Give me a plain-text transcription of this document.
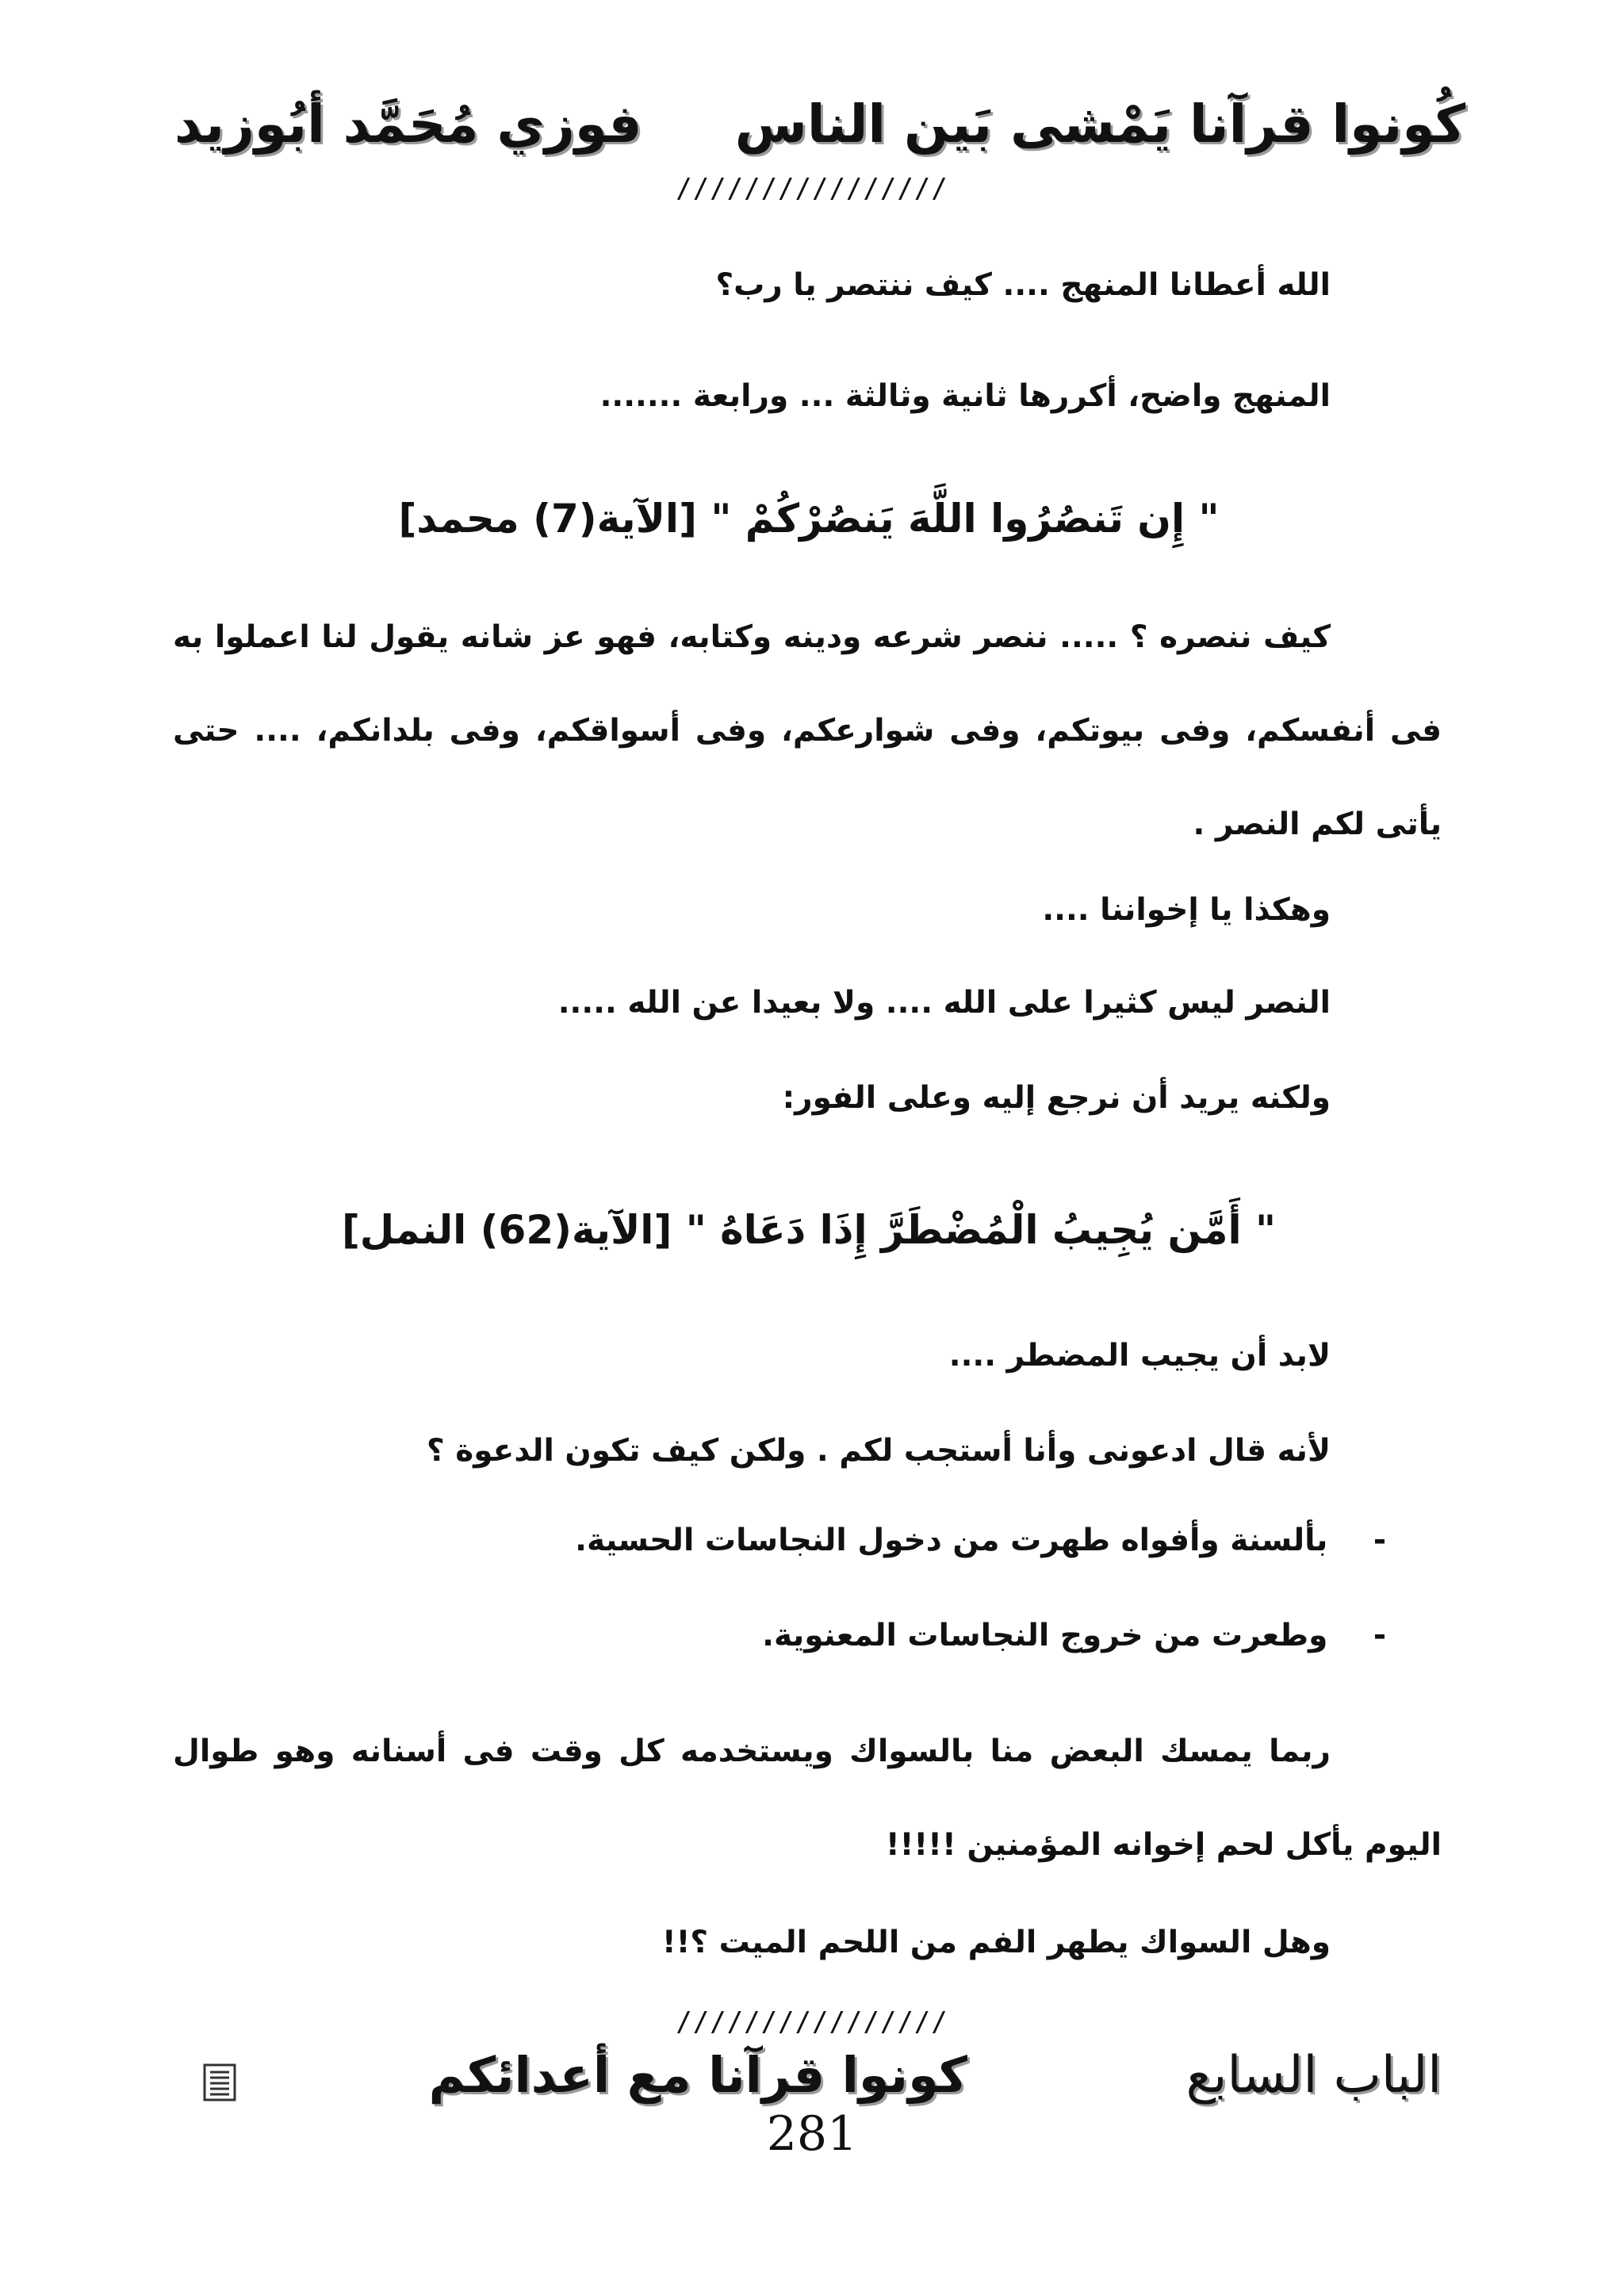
كُونوا قرآنا يَمْشى بَين الناس
فوزي مُحَمَّد أبُوزيد
////////////////
الله أعطانا المنهج .... كيف ننتصر يا رب؟
المنهج واضح، أكررها ثانية وثالثة ... ورابعة .......
" إِن تَنصُرُوا اللَّهَ يَنصُرْكُمْ " [الآية(7) محمد]
كيف ننصره ؟ ..... ننصر شرعه ودينه وكتابه، فهو عز شانه يقول لنا اعملوا به فى أنفسكم، وفى بيوتكم، وفى شوارعكم، وفى أسواقكم، وفى بلدانكم، .... حتى يأتى لكم النصر .
وهكذا يا إخواننا ....
النصر ليس كثيرا على الله .... ولا بعيدا عن الله .....
ولكنه يريد أن نرجع إليه وعلى الفور:
" أَمَّن يُجِيبُ الْمُضْطَرَّ إِذَا دَعَاهُ " [الآية(62) النمل]
لابد أن يجيب المضطر ....
لأنه قال ادعونى وأنا أستجب لكم . ولكن كيف تكون الدعوة ؟
- بألسنة وأفواه طهرت من دخول النجاسات الحسية.
- وطعرت من خروج النجاسات المعنوية.
ربما يمسك البعض منا بالسواك ويستخدمه كل وقت فى أسنانه وهو طوال اليوم يأكل لحم إخوانه المؤمنين !!!!!
وهل السواك يطهر الفم من اللحم الميت ؟!!
////////////////
الباب السابع
كونوا قرآنا مع أعدائكم
281
